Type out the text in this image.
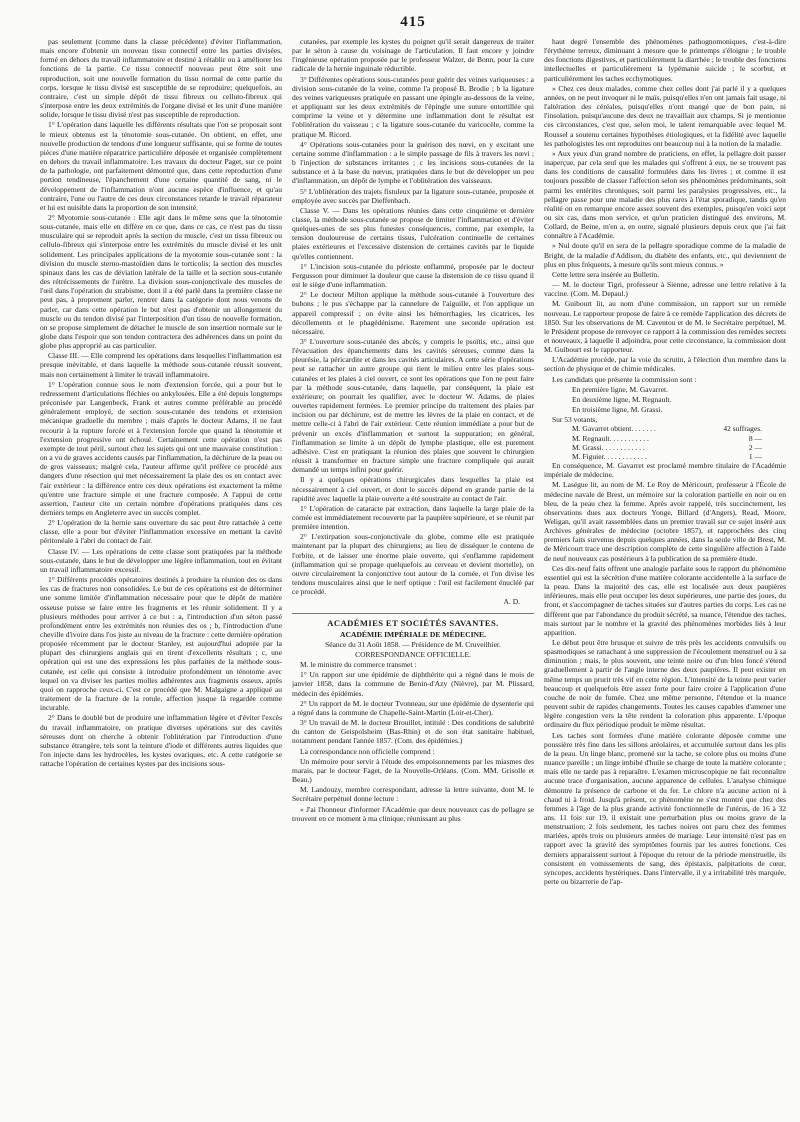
415

pas seulement (comme dans la classe précédente) d'éviter l'inflammation, mais encore d'obtenir un nouveau tissu connectif entre les parties divisées, formé en dehors du travail inflammatoire et destiné à rétablir ou à améliorer les fonctions de la partie. Ce tissu connectif nouveau peut être soit une reproduction, soit une nouvelle formation du tissu normal de cette partie du corps, lorsque le tissu divisé est susceptible de se reproduire; quelquefois, au contraire, c'est un simple dépôt de tissu fibreux ou celluto-fibreux qui s'interpose entre les deux extrémités de l'organe divisé et les unit d'une manière solide, lorsque le tissu divisé n'est pas susceptible de reproduction.

1° L'opération dans laquelle les différents résultats que l'on se proposait sont le mieux obtenus est la ténotomie sous-cutanée. On obtient, en effet, une nouvelle production de tendons d'une longueur suffisante, qui se forme de toutes pièces d'une matière réparatrice particulière déposée et organisée complètement en dehors du travail inflammatoire. Les travaux du docteur Paget, sur ce point de la pathologie, ont parfaitement démontré que, dans cette reproduction d'une portion tendineuse, l'épanchement d'une certaine quantité de sang, ni le développement de l'inflammation n'ont aucune espèce d'influence, et qu'au contraire, l'une ou l'autre de ces deux circonstances retarde le travail réparateur et lui est nuisible dans la proportion de son intensité.

2° Myotomie sous-cutanée : Elle agit dans le même sens que la ténotomie sous-cutanée, mais elle en diffère en ce que, dans ce cas, ce n'est pas du tissu musculaire qui se reproduit après la section du muscle, c'est un tissu fibreux ou cellulo-fibreux qui s'interpose entre les extrémités du muscle divisé et les unit solidement. Les principales applications de la myotomie sous-cutanée sont : la division du muscle sterno-mastoïdien dans le torticolis; la section des muscles spinaux dans les cas de déviation latérale de la taille et la section sous-cutanée des rétrécissements de l'urètre. La division sous-conjonctivale des muscles de l'œil dans l'opération du strabisme, dont il a été parlé dans la première classe ne peut pas, à proprement parler, rentrer dans la catégorie dont nous venons de parler, car dans cette opération le but n'est pas d'obtenir un allongement du muscle ou du tendon divisé par l'interposition d'un tissu de nouvelle formation, on se propose simplement de détacher le muscle de son insertion normale sur le globe dans l'espoir que son tendon contractera des adhérences dans un point du globe plus approprié au cas particulier.

Classe III. — Elle comprend les opérations dans lesquelles l'inflammation est presque inévitable, et dans laquelle la méthode sous-cutanée réussit souvent, mais non certainement à limiter le travail inflammatoire.

1° L'opération connue sous le nom d'extension forcée, qui a pour but le redressement d'articulations fléchies ou ankylosées. Elle a été depuis longtemps préconisée par Langenbeck, Frank et autres comme préférable au procédé généralement employé, de section sous-cutanée des tendons et extension mécanique graduelle du membre ; mais d'après le docteur Adams, il ne faut recourir à la rupture forcée et à l'extension forcée que quand la ténotomie et l'extension progressive ont échoué. Certainement cette opération n'est pas exempte de tout péril, surtout chez les sujets qui ont une mauvaise constitution : on a vu de graves accidents causés par l'inflammation, la déchirure de la peau ou de gros vaisseaux; malgré cela, l'auteur affirme qu'il préfère ce procédé aux dangers d'une résection qui met nécessairement la plaie des os en contact avec l'air extérieur : la différence entre ces deux opérations est exactement la même qu'entre une fracture simple et une fracture composée. A l'appui de cette assertion, l'auteur cite un certain nombre d'opérations pratiquées dans ces derniers temps en Angleterre avec un succès complet.

2° L'opération de la hernie sans ouverture du sac peut être rattachée à cette classe, elle a pour but d'éviter l'inflammation excessive en mettant la cavité péritonéale à l'abri du contact de l'air.

Classe IV. — Les opérations de cette classe sont pratiquées par la méthode sous-cutanée, dans le but de développer une légère inflammation, tout en évitant un travail inflammatoire excessif.

1° Différents procédés opératoires destinés à produire la réunion des os dans les cas de fractures non consolidées. Le but de ces opérations est de déterminer une somme limitée d'inflammation nécessaire pour que le dépôt de matière osseuse puisse se faire entre les fragments et les réunir solidement. Il y a plusieurs méthodes pour arriver à ce but : a, l'introduction d'un séton passé profondément entre les extrémités non réunies des os ; b, l'introduction d'une cheville d'ivoire dans l'os juste au niveau de la fracture : cette dernière opération proposée récemment par le docteur Stanley, est aujourd'hui adoptée par la plupart des chirurgiens anglais qui en tirent d'excellents résultats ; c, une opération qui est une des expressions les plus parfaites de la méthode sous-cutanée, est celle qui consiste à introduire profondément un ténotome avec lequel on va diviser les parties molles adhérentes aux fragments osseux, après quoi on rapproche ceux-ci. C'est ce procédé que M. Malgaigne a appliqué au traitement de la fracture de la rotule, affection jusque là regardée comme incurable.

2° Dans le doublé but de produire une inflammation légère et d'éviter l'excès du travail inflammatoire, on pratique diverses opérations sur des cavités séreuses dont on cherche à obtenir l'oblitération par l'introduction d'une substance étrangère, tels sont la teinture d'iode et différents autres liquides que l'on injecte dans les hydrocèles, les kystes ovariques, etc. A cette catégorie se rattache l'opération de certaines kystes par des incisions sous-

cutanées, par exemple les kystes du poignet qu'il serait dangereux de traiter par le séton à cause du voisinage de l'articulation. Il faut encore y joindre l'ingénieuse opération proposée par le professeur Walzer, de Bonn, pour la cure radicale de la hernie inguinale réductible.

3° Différentes opérations sous-cutanées pour guérir des veines variqueuses : a division sous-cutanée de la veine, comme l'a proposé B. Brodie ; b la ligature des veines variqueuses pratiquée en passant une épingle au-dessous de la veine, et appliquant sur les deux extrémités de l'épingle une suture entortillée qui comprime la veine et y détermine une inflammation dont le résultat est l'oblitération du vaisseau ; c la ligature sous-cutanée du varicocèle, comme la pratique M. Ricord.

4° Opérations sous-cutanées pour la guérison des nœvi, en y excitant une certaine somme d'inflammation : a le simple passage de fils à travers les nœvi ; b l'injection de substances irritantes ; c les incisions sous-cutanées de la substance et à la base du nœvus, pratiquées dans le but de développer un peu d'inflammation, un dépôt de lymphe et l'oblitération des vaisseaux.

5° L'oblitération des trajets fistuleux par la ligature sous-cutanée, proposée et employée avec succès par Dieffenbach.

Classe V. — Dans les opérations réunies dans cette cinquième et dernière classe, la méthode sous-cutanée se propose de limiter l'inflammation et d'éviter quelques-unes de ses plus funestes conséquences, comme, par exemple, la tension douloureuse de certains tissus, l'ulcération continuelle de certaines plaies extérieures et l'excessive distension de certaines cavités par le liquide qu'elles contiennent.

1° L'incision sous-cutanée du périoste enflammé, proposée par le docteur Fergusson pour diminuer la douleur que cause la distension de ce tissu quand il est le siège d'une inflammation.

2° Le docteur Milton applique la méthode sous-cutanée à l'ouverture des bubons ; le pus s'échappe par la cannelure de l'aiguille, et l'on applique un appareil compressif ; on évite ainsi les hémorrhagies, les cicatrices, les décollements et le phagédénisme. Rarement une seconde opération est nécessaire.

3° L'ouverture sous-cutanée des abcès, y compris le psoïtis, etc., ainsi que l'évacuation des épanchements dans les cavités séreuses, comme dans la pleurésie, la péricardite et dans les cavités articulaires. A cette série d'opérations peut se rattacher un autre groupe qui tient le milieu entre les plaies sous-cutanées et les plaies à ciel ouvert, ce sont les opérations que l'on ne peut faire par la méthode sous-cutanée, dans laquelle, par conséquent, la plaie est extérieure; on pourrait les qualifier, avec le docteur W. Adams, de plaies ouvertes rapidement fermées. Le premier principe du traitement des plaies par incision ou par déchirure, est de mettre les lèvres de la plaie en contact, et de mettre celle-ci à l'abri de l'air extérieur. Cette réunion immédiate a pour but de prévenir un excès d'inflammation et surtout la suppuration; en général, l'inflammation se limite à un dépôt de lymphe plastique, elle est purement adhésive. C'est en pratiquant la réunion des plaies que souvent le chirurgien réussit à transformer en fracture simple une fracture compliquée qui aurait demandé un temps infini pour guérir.

Il y a quelques opérations chirurgicales dans lesquelles la plaie est nécessairement à ciel ouvert, et dont le succès dépend en grande partie de la rapidité avec laquelle la plaie ouverte a été soustraite au contact de l'air.

1° L'opération de cataracte par extraction, dans laquelle la large plaie de la cornée est immédiatement recouverte par la paupière supérieure, et se réunit par première intention.

2° L'extirpation sous-conjonctivale du globe, comme elle est pratiquée maintenant par la plupart des chirurgiens; au lieu de disséquer le contenu de l'orbite, et de laisser une énorme plaie ouverte, qui s'enflamme rapidement (inflammation qui se propage quelquefois au cerveau et devient mortelle), on ouvre circulairement la conjonctive tout autour de la cornée, et l'on divise les tendons musculaires ainsi que le nerf optique : l'œil est facilement énucléé par ce procédé.

A. D.

ACADÉMIES ET SOCIÉTÉS SAVANTES.
ACADÉMIE IMPÉRIALE DE MÉDECINE.

Séance du 31 Août 1858. — Présidence de M. Cruveilhier.

CORRESPONDANCE OFFICIELLE.

M. le ministre du commerce transmet :

1° Un rapport sur une épidémie de diphthérite qui a régné dans le mois de janvier 1858, dans la commune de Benin-d'Azy (Nièvre), par M. Plissard, médecin des épidémies.

2° Un rapport de M. le docteur Tvonneau, sur une épidémie de dysenterie qui a régné dans la commune de Chapelle-Saint-Martin (Loir-et-Cher).

3° Un travail de M. le docteur Brouillet, intitulé : Des conditions de salubrité du canton de Geispolsheim (Bas-Rhin) et de son état sanitaire habituel, notamment pendant l'année 1857. (Com. des épidémies.)

La correspondance non officielle comprend :

Un mémoire pour servir à l'étude des empoisonnements par les miasmes des marais, par le docteur Faget, de la Nouvelle-Orléans. (Com. MM. Grisolle et Beau.)

M. Landouzy, membre correspondant, adresse la lettre suivante, dont M. le Secrétaire perpétuel donne lecture :

« J'ai l'honneur d'informer l'Académie que deux nouveaux cas de pellagre se trouvent en ce moment à ma clinique, réunissant au plus

haut degré l'ensemble des phénomènes pathognomoniques, c'est-à-dire l'érythème terreux, diminuant à mesure que le printemps s'éloigne ; le trouble des fonctions digestives, et particulièrement la diarrhée ; le trouble des fonctions intellectuelles et particulièrement la lypémanie suicide ; le scorbut, et particulièrement les taches ecchymotiques.

» Chez ces deux malades, comme chez celles dont j'ai parlé il y a quelques années, on ne peut invoquer ni le maïs, puisqu'elles n'en ont jamais fait usage, ni l'altération des céréales, puisqu'elles n'ont mangé que de bon pain, ni l'insolation, puisqu'aucune des deux ne travaillait aux champs. Si je mentionne ces circonstances, c'est que, selon moi, le talent remarquable avec lequel M. Roussel a soutenu certaines hypothèses étiologiques, et la fidélité avec laquelle les pathologistes les ont reproduites ont beaucoup nui à la notion de la maladie.

» Aux yeux d'un grand nombre de praticiens, en effet, la pellagre doit passer inaperçue, par cela seul que les malades qui s'offrent à eux, ne se trouvent pas dans les conditions de causalité formulées dans les livres ; et comme il est toujours possible de classer l'affection selon ses phénomènes prédominants, soit parmi les entérites chroniques, soit parmi les paralysies progressives, etc., la pellagre passe pour une maladie des plus rares à l'état sporadique, tandis qu'en réalité on en remarque encore assez souvent des exemples, puisqu'en voici sept ou six cas, dans mon service, et qu'un praticien distingué des environs, M. Collard, de Beine, m'en a, en outre, signalé plusieurs depuis ceux que j'ai fait connaître à l'Académie.

» Nul doute qu'il en sera de la pellagre sporadique comme de la maladie de Bright, de la maladie d'Addison, du diabète des enfants, etc., qui deviennent de plus en plus fréquents, à mesure qu'ils sont mieux connus. »

Cette lettre sera insérée au Bulletin.

— M. le docteur Tigri, professeur à Sienne, adresse une lettre relative à la vaccine. (Com. M. Depaul.)

M. Guibourt lit, au nom d'une commission, un rapport sur un remède nouveau. Le rapporteur propose de faire à ce remède l'application des décrets de 1850. Sur les observations de M. Caventou et de M. le Secrétaire perpétuel, M. le Président propose de renvoyer ce rapport à la commission des remèdes secrets et nouveaux, à laquelle il adjoindra, pour cette circonstance, la commission dont M. Guibourt est le rapporteur.

L'Académie procède, par la voie du scrutin, à l'élection d'un membre dans la section de physique et de chimie médicales.

Les candidats que présente la commission sont :

En première ligne, M. Gavarret.

En deuxième ligne, M. Regnault.

En troisième ligne, M. Grassi.

Sur 53 votants,

M. Gavarret obtient. . . . . . .	42 suffrages.
M. Regnault. . . . . . . . . . .	8 —
M. Grassi. . . . . . . . . . . .	2 —
M. Figuier. . . . . . . . . . . .	1 —

En conséquence, M. Gavarret est proclamé membre titulaire de l'Académie impériale de médecine.

M. Laségue lit, au nom de M. Le Roy de Méricourt, professeur à l'École de médecine navale de Brest, un mémoire sur la coloration partielle en noir ou en bleu, de la peau chez la femme. Après avoir rappelé, très succinctement, les observations dues aux docteurs Yonge, Billard (d'Angers), Read, Moore, Weligan, qu'il avait rassemblées dans un premier travail sur ce sujet inséré aux Archives générales de médecine (octobre 1857), et rapprochées des cinq premiers faits survenus depuis quelques années, dans la seule ville de Brest, M. de Méricourt trace une description complète de cette singulière affection à l'aide de neuf nouveaux cas postérieurs à la publication de sa première étude.

Ces dix-neuf faits offrent une analogie parfaite sous le rapport du phénomène essentiel qui est la sécrétion d'une matière colorante accidentelle à la surface de la peau. Dans la majorité des cas, elle est localisée aux deux paupières inférieures, mais elle peut occuper les deux supérieures, une partie des joues, du front, et s'accompagner de taches situées sur d'autres parties du corps. Les cas ne diffèrent que par l'abondance du produit sécrété, sa nuance, l'étendue des taches, mais surtout par le nombre et la gravité des phénomènes morbides liés à leur apparition.

Le début peut être brusque et suivre de très près les accidents convulsifs ou spasmodiques se rattachant à une suppression de l'écoulement menstruel ou à sa diminution ; mais, le plus souvent, une teinte noire ou d'un bleu foncé s'étend graduellement à partir de l'angle interne des deux paupières. Il peut exister en même temps un prurit très vif en cette région. L'intensité de la teinte peut varier beaucoup et quelquefois être assez forte pour faire croire à l'application d'une couche de noir de fumée. Chez une même personne, l'étendue et la nuance peuvent subir de rapides changements. Toutes les causes capables d'amener une légère congestion vers la tête rendent la coloration plus apparente. L'époque ordinaire du flux périodique produit le même résultat.

Les taches sont formées d'une matière colorante déposée comme une poussière très fine dans les sillons aréolaires, et accumulée surtout dans les plis de la peau. Un linge blanc, promené sur la tache, se colore plus ou moins d'une nuance pareille ; un linge imbibé d'huile se charge de toute la matière colorante ; mais elle ne tarde pas à reparaître. L'examen microscopique ne fait reconnaître aucune trace d'organisation, aucune apparence de cellules. L'analyse chimique démontre la présence de carbone et du fer. Le chlore n'a aucune action ni à chaud ni à froid. Jusqu'à présent, ce phénomène ne s'est montré que chez des femmes à l'âge de la plus grande activité fonctionnelle de l'utérus, de 16 à 32 ans. 11 fois sur 19, il existait une perturbation plus ou moins grave de la menstruation; 2 fois seulement, les taches noires ont paru chez des femmes mariées, après trois ou plusieurs années de mariage. Leur intensité n'est pas en rapport avec la gravité des symptômes fournis par les autres fonctions. Ces derniers apparaissent surtout à l'époque du retour de la période menstruelle, ils consistent en vomissements de sang, des épistaxis, palpitations de cœur, syncopes, accidents hystériques. Dans l'intervalle, il y a irritabilité très marquée, perte ou bizarrerie de l'ap-
